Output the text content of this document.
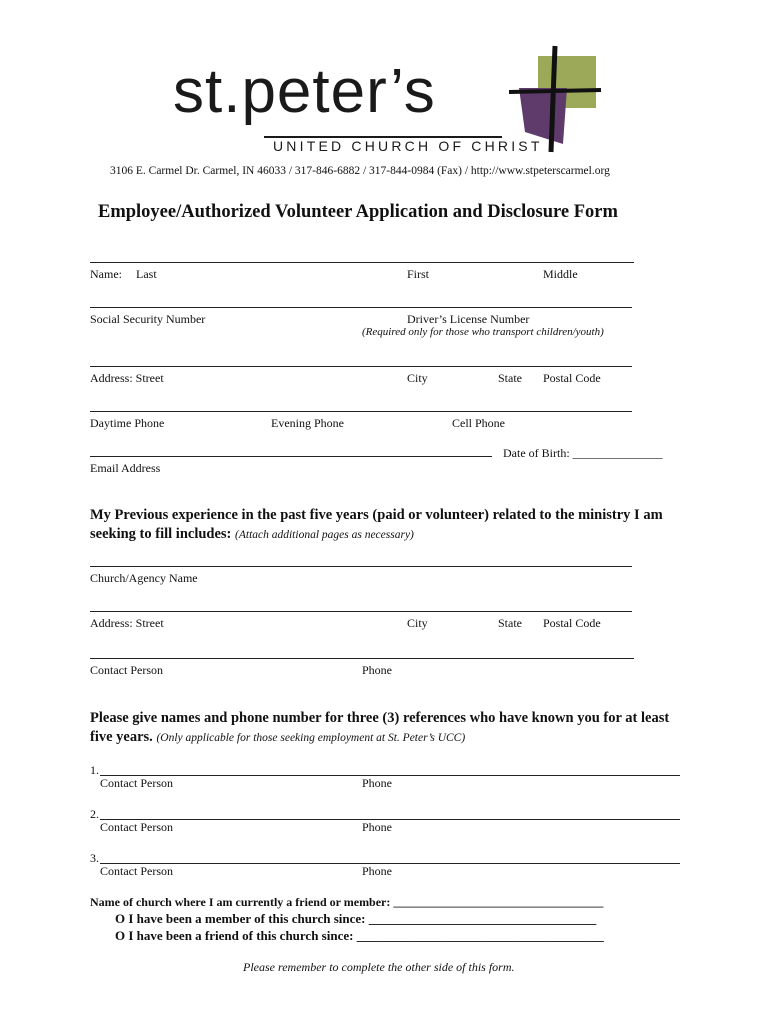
st.peter’s
UNITED CHURCH OF CHRIST
3106 E. Carmel Dr. Carmel, IN 46033 / 317-846-6882 / 317-844-0984 (Fax) / http://www.stpeterscarmel.org
Employee/Authorized Volunteer Application and Disclosure Form
Name: Last	First	Middle
Social Security Number	Driver’s License Number
(Required only for those who transport children/youth)
Address: Street	City	State Postal Code
Daytime Phone	Evening Phone	Cell Phone
Date of Birth: _______________
Email Address
My Previous experience in the past five years (paid or volunteer) related to the ministry I am seeking to fill includes: (Attach additional pages as necessary)
Church/Agency Name
Address: Street	City	State Postal Code
Contact Person	Phone
Please give names and phone number for three (3) references who have known you for at least five years. (Only applicable for those seeking employment at St. Peter’s UCC)
1.
Contact Person	Phone
2.
Contact Person	Phone
3.
Contact Person	Phone
Name of church where I am currently a friend or member: ___________________________________
O I have been a member of this church since: ___________________________________
O I have been a friend of this church since: ______________________________________
Please remember to complete the other side of this form.
